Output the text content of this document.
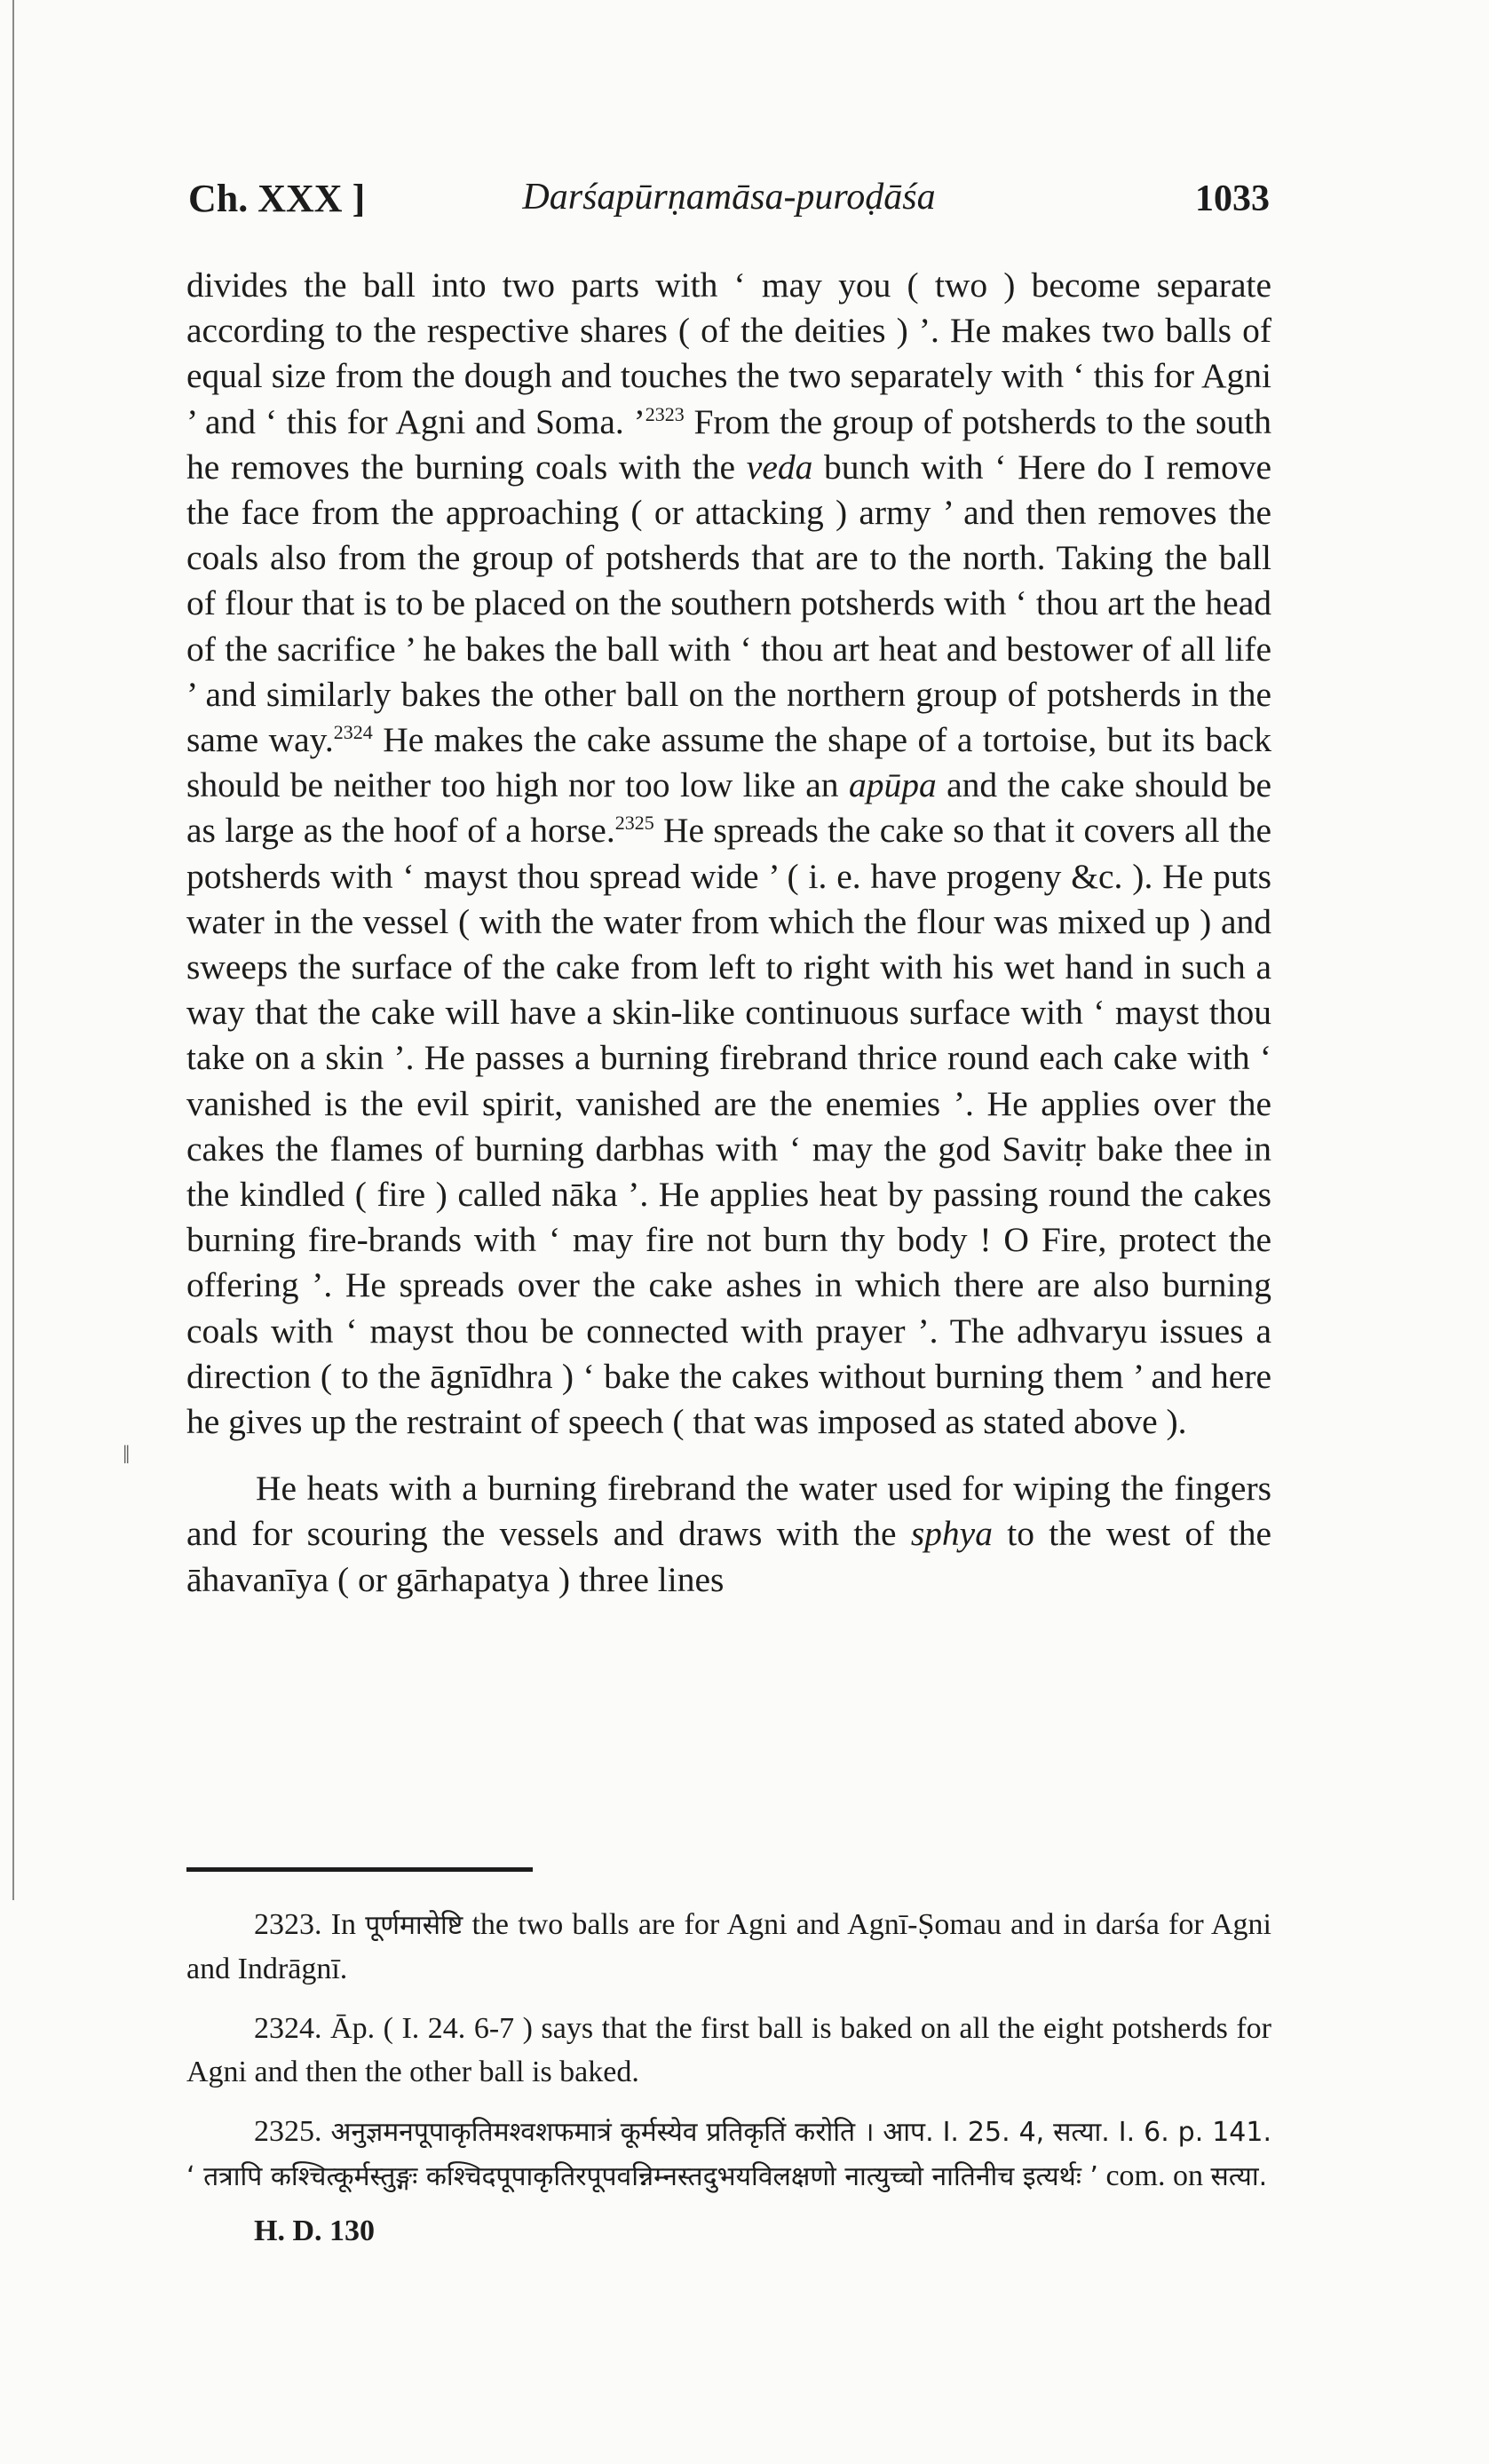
Ch. XXX ]	Darśapūrṇamāsa-puroḍāśa	1033

divides the ball into two parts with ‘ may you ( two ) become separate according to the respective shares ( of the deities ) ’. He makes two balls of equal size from the dough and touches the two separately with ‘ this for Agni ’ and ‘ this for Agni and Soma. ’$^{2323}$ From the group of potsherds to the south he removes the burning coals with the veda bunch with ‘ Here do I remove the face from the approaching ( or attacking ) army ’ and then removes the coals also from the group of potsherds that are to the north. Taking the ball of flour that is to be placed on the southern potsherds with ‘ thou art the head of the sacrifice ’ he bakes the ball with ‘ thou art heat and bestower of all life ’ and similarly bakes the other ball on the northern group of potsherds in the same way.$^{2324}$ He makes the cake assume the shape of a tortoise, but its back should be neither too high nor too low like an apūpa and the cake should be as large as the hoof of a horse.$^{2325}$ He spreads the cake so that it covers all the potsherds with ‘ mayst thou spread wide ’ ( i. e. have progeny &c. ). He puts water in the vessel ( with the water from which the flour was mixed up ) and sweeps the surface of the cake from left to right with his wet hand in such a way that the cake will have a skin-like continuous surface with ‘ mayst thou take on a skin ’. He passes a burning firebrand thrice round each cake with ‘ vanished is the evil spirit, vanished are the enemies ’. He applies over the cakes the flames of burning darbhas with ‘ may the god Savitṛ bake thee in the kindled ( fire ) called nāka ’. He applies heat by passing round the cakes burning fire-brands with ‘ may fire not burn thy body ! O Fire, protect the offering ’. He spreads over the cake ashes in which there are also burning coals with ‘ mayst thou be connected with prayer ’. The adhvaryu issues a direction ( to the āgnīdhra ) ‘ bake the cakes without burning them ’ and here he gives up the restraint of speech ( that was imposed as stated above ).

He heats with a burning firebrand the water used for wiping the fingers and for scouring the vessels and draws with the sphya to the west of the āhavanīya ( or gārhapatya ) three lines

2323. In पूर्णमासेष्टि the two balls are for Agni and Agnī-Ṣomau and in darśa for Agni and Indrāgnī.

2324. Āp. ( I. 24. 6-7 ) says that the first ball is baked on all the eight potsherds for Agni and then the other ball is baked.

2325. अनुज्ञमनपूपाकृतिमश्वशफमात्रं कूर्मस्येव प्रतिकृतिं करोति । आप. I. 25. 4, सत्या. I. 6. p. 141. ‘ तत्रापि कश्चित्कूर्मस्तुङ्गः कश्चिदपूपाकृतिरपूपवन्निम्नस्तदुभयविलक्षणो नात्युच्चो नातिनीच इत्यर्थः ’ com. on सत्या.

H. D. 130

‖
